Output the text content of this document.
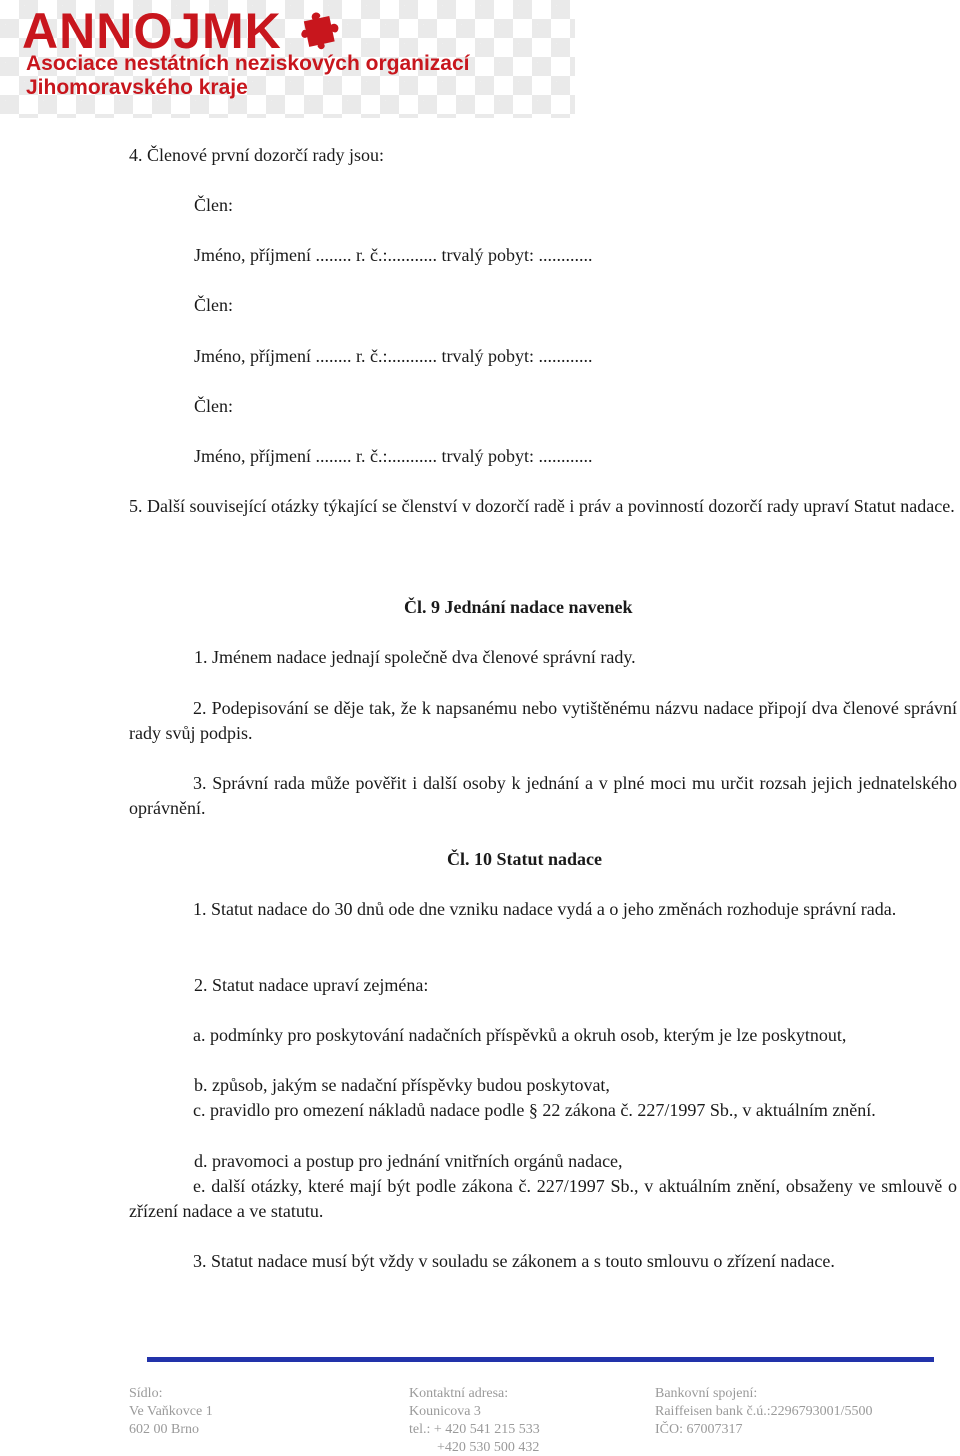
ANNOJMK
Asociace nestátních neziskových organizací
Jihomoravského kraje
4. Členové první dozorčí rady jsou:
Člen:
Jméno, příjmení ........ r. č.:........... trvalý pobyt: ............
Člen:
Jméno, příjmení ........ r. č.:........... trvalý pobyt: ............
Člen:
Jméno, příjmení ........ r. č.:........... trvalý pobyt: ............
5. Další související otázky týkající se členství v dozorčí radě i práv a povinností dozorčí rady upraví Statut nadace.
Čl. 9 Jednání nadace navenek
1. Jménem nadace jednají společně dva členové správní rady.
2. Podepisování se děje tak, že k napsanému nebo vytištěnému názvu nadace připojí dva členové správní rady svůj podpis.
3. Správní rada může pověřit i další osoby k jednání a v plné moci mu určit rozsah jejich jednatelského oprávnění.
Čl. 10 Statut nadace
1. Statut nadace do 30 dnů ode dne vzniku nadace vydá a o jeho změnách rozhoduje správní rada.
2. Statut nadace upraví zejména:
a. podmínky pro poskytování nadačních příspěvků a okruh osob, kterým je lze poskytnout,
b. způsob, jakým se nadační příspěvky budou poskytovat,
c. pravidlo pro omezení nákladů nadace podle § 22 zákona č. 227/1997 Sb., v aktuálním znění.
d. pravomoci a postup pro jednání vnitřních orgánů nadace,
e. další otázky, které mají být podle zákona č. 227/1997 Sb., v aktuálním znění, obsaženy ve smlouvě o zřízení nadace a ve statutu.
3. Statut nadace musí být vždy v souladu se zákonem a s touto smlouvu o zřízení nadace.
Sídlo:
Ve Vaňkovce 1
602 00 Brno
Kontaktní adresa:
Kounicova 3
tel.: + 420 541 215 533
+420 530 500 432
Bankovní spojení:
Raiffeisen bank č.ú.:2296793001/5500
IČO: 67007317
